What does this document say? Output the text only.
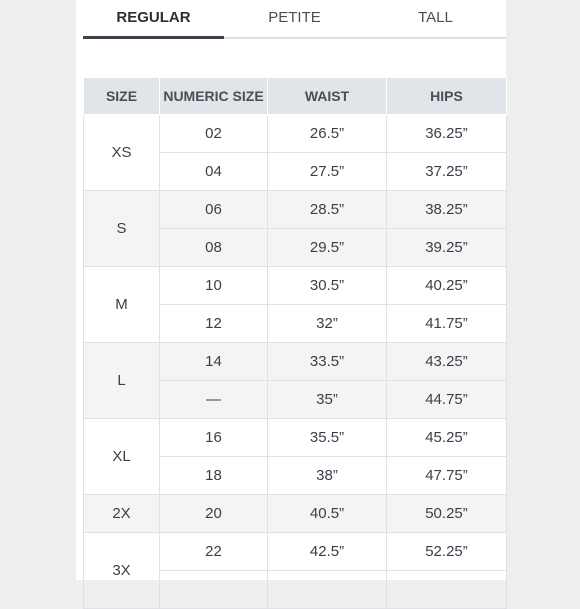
REGULAR	PETITE	TALL
SIZE	NUMERIC SIZE	WAIST	HIPS
XS	02	26.5”	36.25”
	04	27.5”	37.25”
S	06	28.5”	38.25”
	08	29.5”	39.25”
M	10	30.5”	40.25”
	12	32”	41.75”
L	14	33.5”	43.25”
	—	35”	44.75”
XL	16	35.5”	45.25”
	18	38”	47.75”
2X	20	40.5”	50.25”
3X	22	42.5”	52.25”
